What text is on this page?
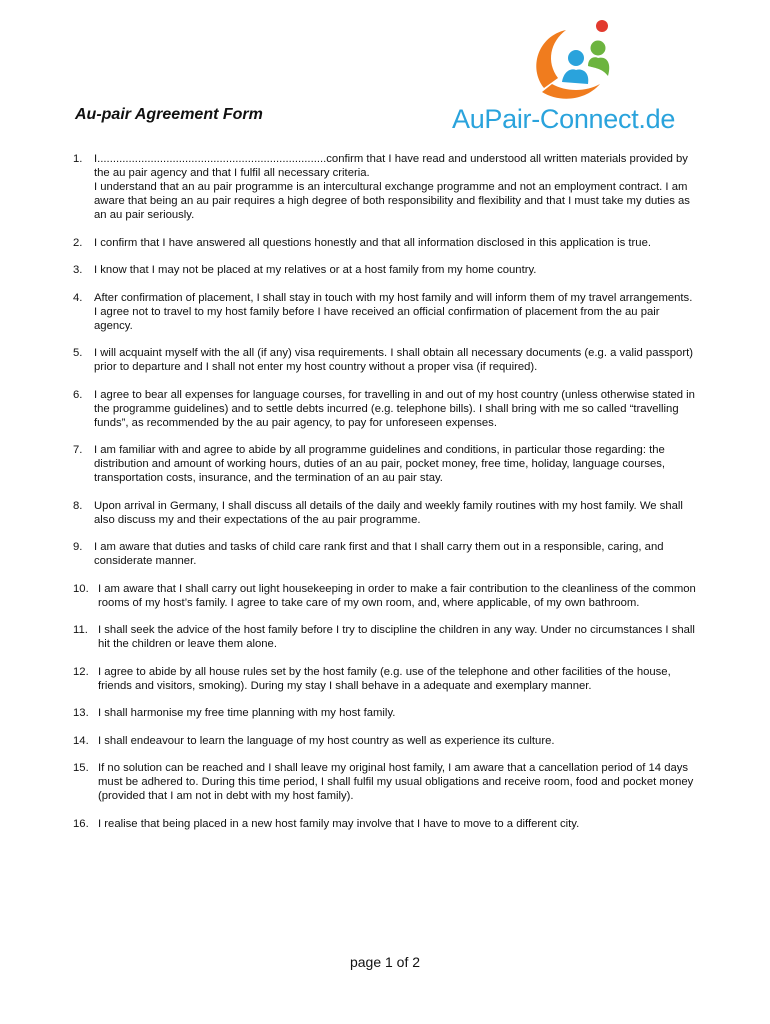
Au-pair Agreement Form	AuPair-Connect.de
1.	I.........................................................................confirm that I have read and understood all written materials provided by the au pair agency and that I fulfil all necessary criteria.
I understand that an au pair programme is an intercultural exchange programme and not an employment contract. I am aware that being an au pair requires a high degree of both responsibility and flexibility and that I must take my duties as an au pair seriously.
2.	I confirm that I have answered all questions honestly and that all information disclosed in this application is true.
3.	I know that I may not be placed at my relatives or at a host family from my home country.
4.	After confirmation of placement, I shall stay in touch with my host family and will inform them of my travel arrangements. I agree not to travel to my host family before I have received an official confirmation of placement from the au pair agency.
5.	I will acquaint myself with the all (if any) visa requirements. I shall obtain all necessary documents (e.g. a valid passport) prior to departure and I shall not enter my host country without a proper visa (if required).
6.	I agree to bear all expenses for language courses, for travelling in and out of my host country (unless otherwise stated in the programme guidelines) and to settle debts incurred (e.g. telephone bills). I shall bring with me so called “travelling funds”, as recommended by the au pair agency, to pay for unforeseen expenses.
7.	I am familiar with and agree to abide by all programme guidelines and conditions, in particular those regarding: the distribution and amount of working hours, duties of an au pair, pocket money, free time, holiday, language courses, transportation costs, insurance, and the termination of an au pair stay.
8.	Upon arrival in Germany, I shall discuss all details of the daily and weekly family routines with my host family. We shall also discuss my and their expectations of the au pair programme.
9.	I am aware that duties and tasks of child care rank first and that I shall carry them out in a responsible, caring, and considerate manner.
10. I am aware that I shall carry out light housekeeping in order to make a fair contribution to the cleanliness of the common rooms of my host’s family. I agree to take care of my own room, and, where applicable, of my own bathroom.
11. I shall seek the advice of the host family before I try to discipline the children in any way. Under no circumstances I shall hit the children or leave them alone.
12. I agree to abide by all house rules set by the host family (e.g. use of the telephone and other facilities of the house, friends and visitors, smoking). During my stay I shall behave in a adequate and exemplary manner.
13. I shall harmonise my free time planning with my host family.
14. I shall endeavour to learn the language of my host country as well as experience its culture.
15. If no solution can be reached and I shall leave my original host family, I am aware that a cancellation period of 14 days must be adhered to. During this time period, I shall fulfil my usual obligations and receive room, food and pocket money (provided that I am not in debt with my host family).
16. I realise that being placed in a new host family may involve that I have to move to a different city.
page 1 of 2
